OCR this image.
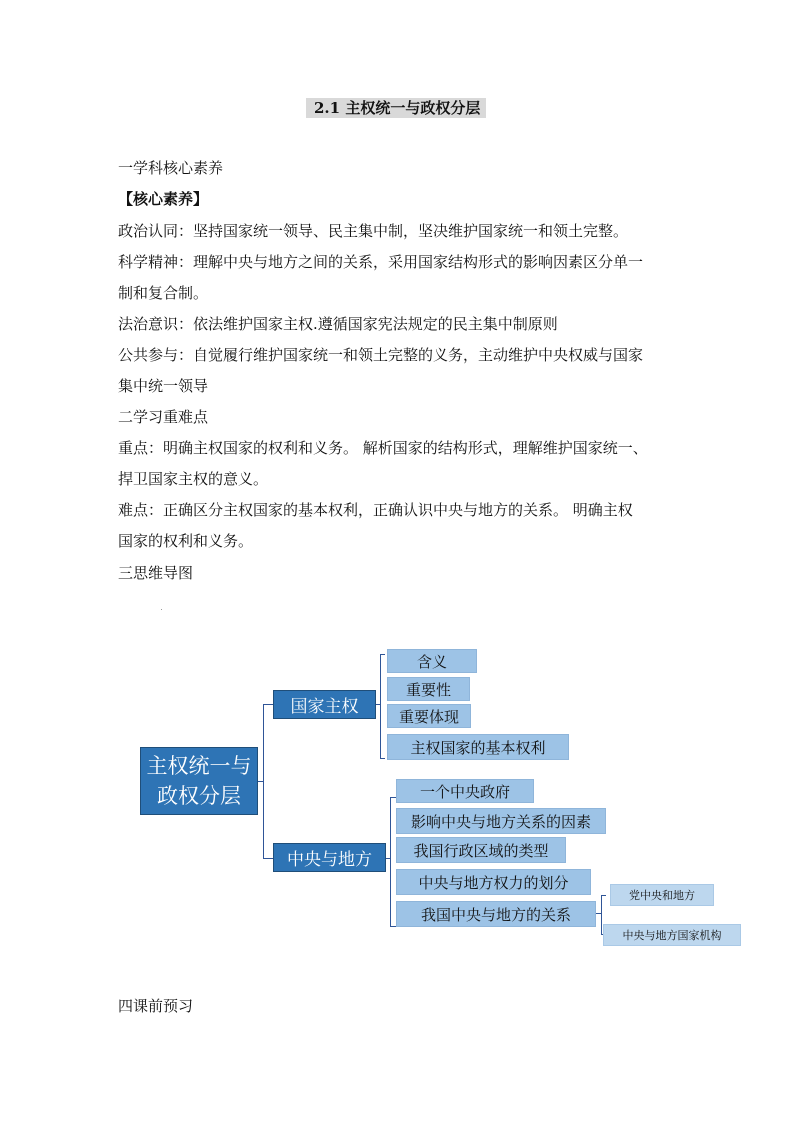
2.1 主权统一与政权分层
一学科核心素养
【核心素养】
政治认同：坚持国家统一领导、民主集中制，坚决维护国家统一和领土完整。
科学精神：理解中央与地方之间的关系，采用国家结构形式的影响因素区分单一
制和复合制。
法治意识：依法维护国家主权.遵循国家宪法规定的民主集中制原则
公共参与：自觉履行维护国家统一和领土完整的义务，主动维护中央权威与国家
集中统一领导
二学习重难点
重点：明确主权国家的权利和义务。 解析国家的结构形式，理解维护国家统一、
捍卫国家主权的意义。
难点：正确区分主权国家的基本权利，正确认识中央与地方的关系。 明确主权
国家的权利和义务。
三思维导图
主权统一与
政权分层
国家主权
中央与地方
含义
重要性
重要体现
主权国家的基本权利
一个中央政府
影响中央与地方关系的因素
我国行政区域的类型
中央与地方权力的划分
我国中央与地方的关系
党中央和地方
中央与地方国家机构
四课前预习
